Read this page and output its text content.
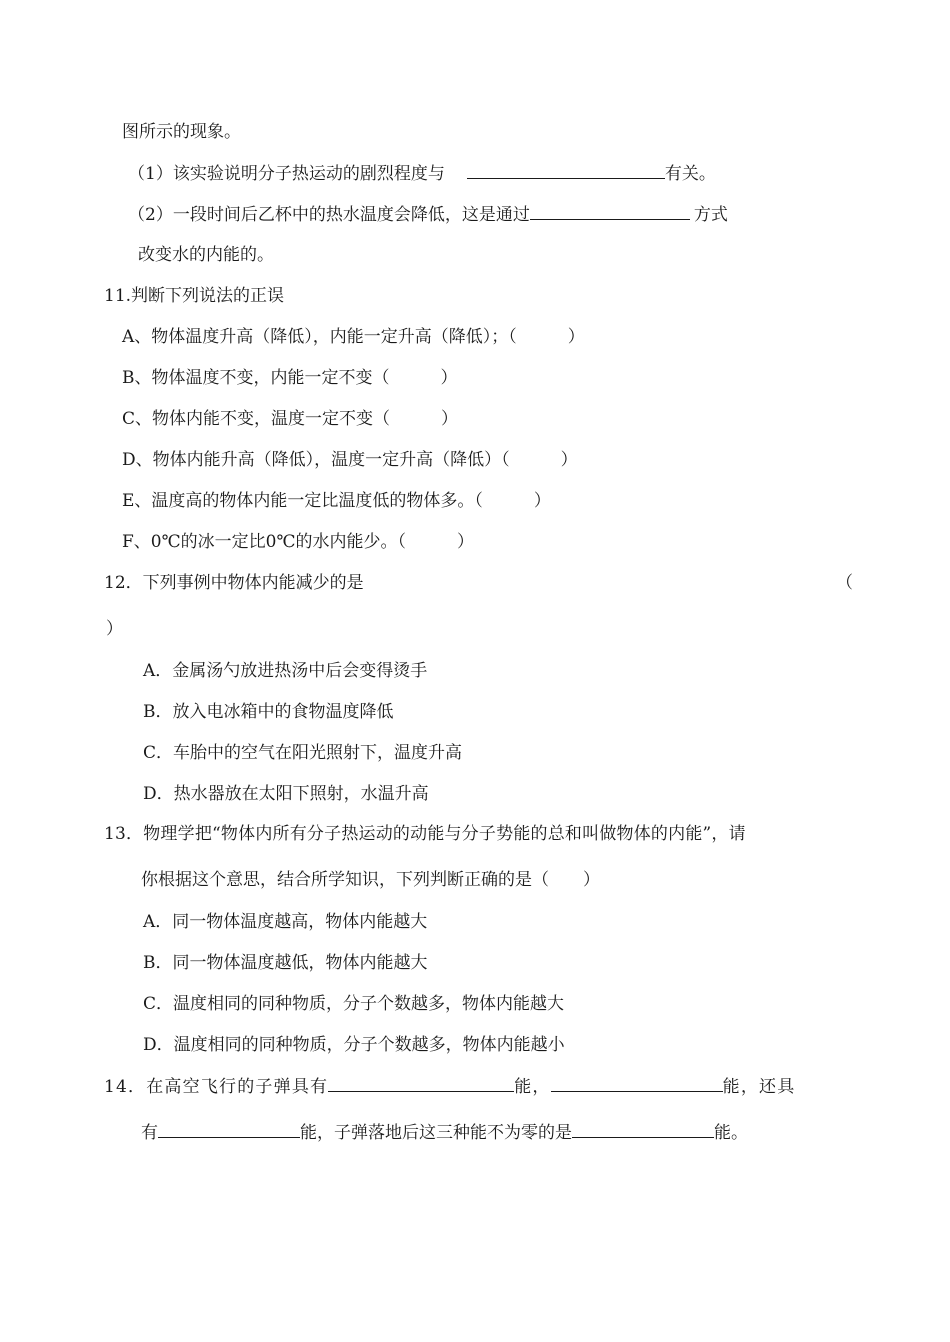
图所示的现象。
（1）该实验说明分子热运动的剧烈程度与	有关。
（2）一段时间后乙杯中的热水温度会降低，这是通过	方式
改变水的内能的。
11.判断下列说法的正误
A、物体温度升高（降低），内能一定升高（降低）；（　　　）
B、物体温度不变，内能一定不变（　　　）
C、物体内能不变，温度一定不变（　　　）
D、物体内能升高（降低），温度一定升高（降低）（　　　）
E、温度高的物体内能一定比温度低的物体多。（　　　）
F、0℃的冰一定比0℃的水内能少。（　　　）
12．下列事例中物体内能减少的是	（
）
A．金属汤勺放进热汤中后会变得烫手
B．放入电冰箱中的食物温度降低
C．车胎中的空气在阳光照射下，温度升高
D．热水器放在太阳下照射，水温升高
13．物理学把“物体内所有分子热运动的动能与分子势能的总和叫做物体的内能”，请
你根据这个意思，结合所学知识，下列判断正确的是（　　）
A．同一物体温度越高，物体内能越大
B．同一物体温度越低，物体内能越大
C．温度相同的同种物质，分子个数越多，物体内能越大
D．温度相同的同种物质，分子个数越多，物体内能越小
14．在高空飞行的子弹具有	能，	能，还具
有	能，子弹落地后这三种能不为零的是	能。
